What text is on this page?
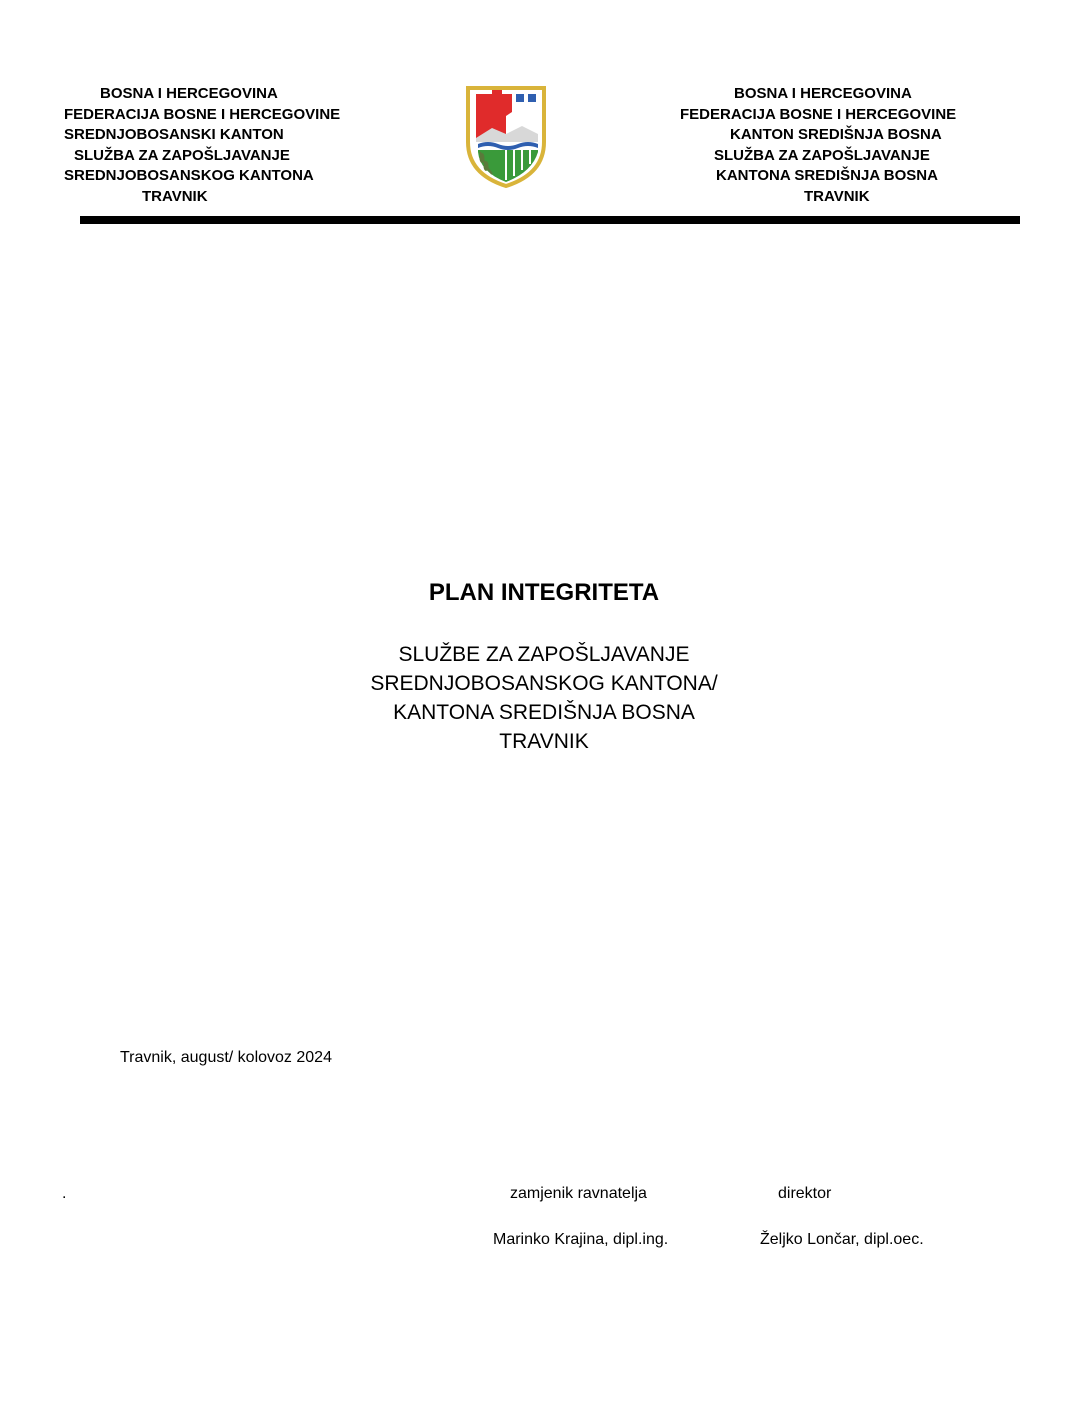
BOSNA I HERCEGOVINA
FEDERACIJA BOSNE I HERCEGOVINE
SREDNJOBOSANSKI KANTON
SLUŽBA ZA ZAPOŠLJAVANJE
SREDNJOBOSANSKOG KANTONA
TRAVNIK
BOSNA I HERCEGOVINA
FEDERACIJA BOSNE I HERCEGOVINE
KANTON SREDIŠNJA BOSNA
SLUŽBA ZA ZAPOŠLJAVANJE
KANTONA SREDIŠNJA BOSNA
TRAVNIK
PLAN INTEGRITETA
SLUŽBE ZA ZAPOŠLJAVANJE
SREDNJOBOSANSKOG KANTONA/
KANTONA SREDIŠNJA BOSNA
TRAVNIK
Travnik, august/ kolovoz 2024
.	zamjenik ravnatelja	direktor
Marinko Krajina, dipl.ing.	Željko Lončar, dipl.oec.
